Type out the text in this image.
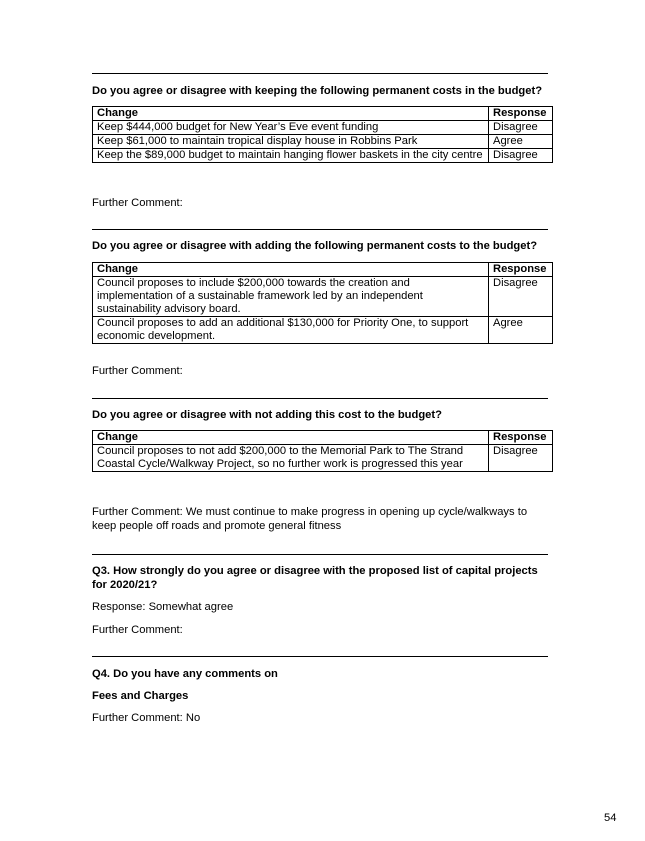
Do you agree or disagree with keeping the following permanent costs in the budget?
Change	Response
Keep $444,000 budget for New Year’s Eve event funding	Disagree
Keep $61,000 to maintain tropical display house in Robbins Park	Agree
Keep the $89,000 budget to maintain hanging flower baskets in the city centre	Disagree
Further Comment:
Do you agree or disagree with adding the following permanent costs to the budget?
Change	Response
Council proposes to include $200,000 towards the creation and implementation of a sustainable framework led by an independent sustainability advisory board.	Disagree
Council proposes to add an additional $130,000 for Priority One, to support economic development.	Agree
Further Comment:
Do you agree or disagree with not adding this cost to the budget?
Change	Response
Council proposes to not add $200,000 to the Memorial Park to The Strand Coastal Cycle/Walkway Project, so no further work is progressed this year	Disagree
Further Comment: We must continue to make progress in opening up cycle/walkways to keep people off roads and promote general fitness
Q3. How strongly do you agree or disagree with the proposed list of capital projects for 2020/21?
Response: Somewhat agree
Further Comment:
Q4. Do you have any comments on
Fees and Charges
Further Comment: No
54
